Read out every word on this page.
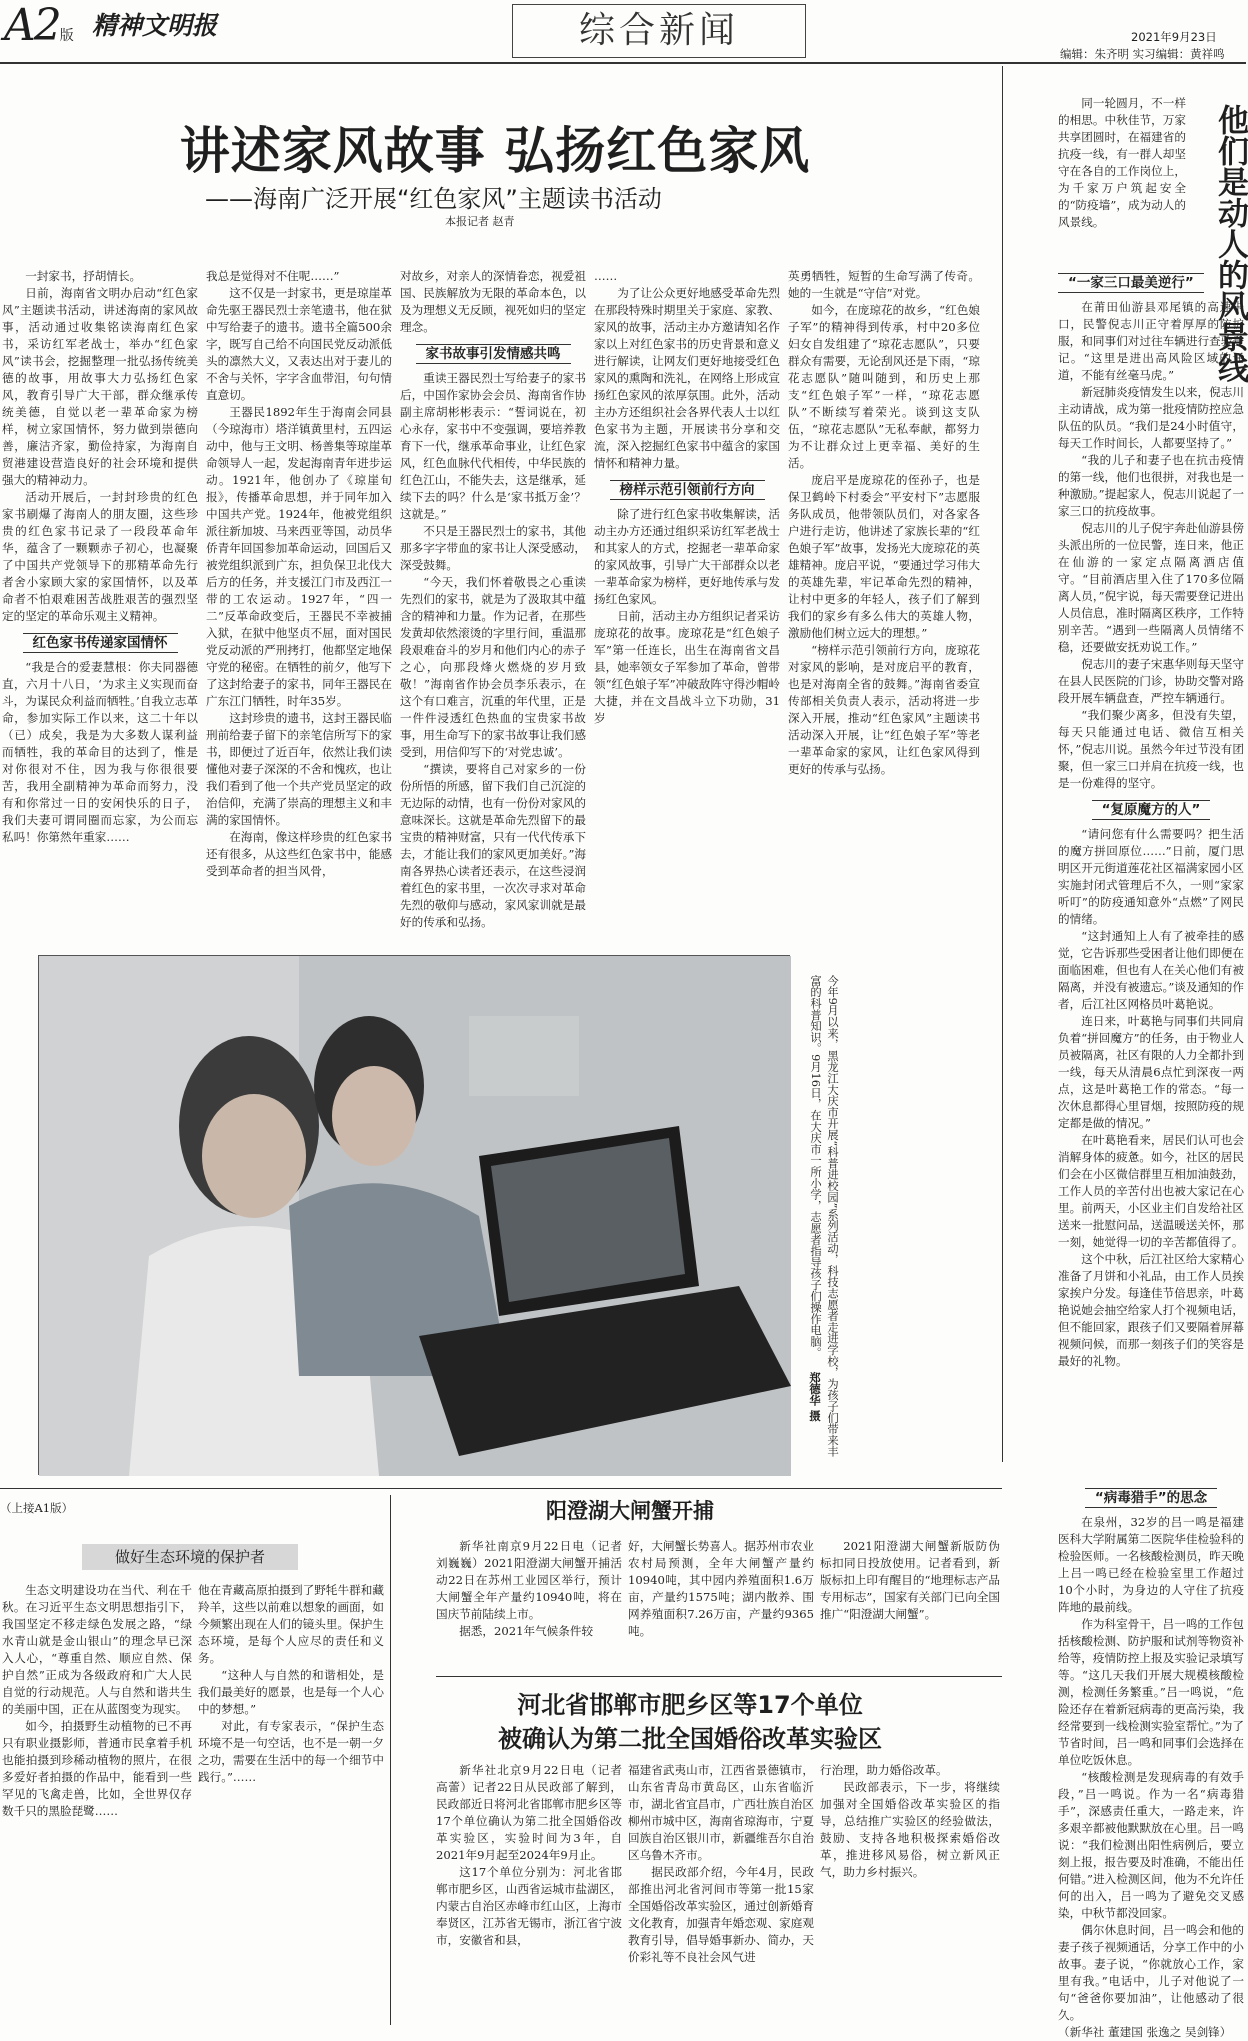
A2版 精神文明报	综合新闻	2021年9月23日
编辑：朱齐明 实习编辑：黄祥鸣
讲述家风故事 弘扬红色家风
——海南广泛开展“红色家风”主题读书活动
本报记者 赵青

一封家书，抒胡情长。

日前，海南省文明办启动“红色家风”主题读书活动，讲述海南的家风故事，活动通过收集铭读海南红色家书，采访红军老战士，举办“红色家风”读书会，挖掘整理一批弘扬传统美德的故事，用故事大力弘扬红色家风，教育引导广大干部，群众继承传统美德，自觉以老一辈革命家为榜样，树立家国情怀，努力做到崇德向善，廉洁齐家，勤俭持家，为海南自贸港建设营造良好的社会环境和提供强大的精神动力。

活动开展后，一封封珍贵的红色家书刷爆了海南人的朋友圈，这些珍贵的红色家书记录了一段段革命年华，蕴含了一颗颗赤子初心，也凝聚了中国共产党领导下的那精革命先行者舍小家顾大家的家国情怀，以及革命者不怕艰难困苦战胜艰苦的强烈坚定的坚定的革命乐观主义精神。

红色家书传递家国情怀

“我是合的爱妻慧根：你夫同器德直，六月十八日，‘为求主义实现而奋斗，为谋民众利益而牺牲。’自我立志革命，参加实际工作以来，这二十年以（已）成矣，我是为大多数人谋利益而牺牲，我的革命目的达到了，惟是对你很对不住，因为我与你很很要苦，我用全副精神为革命而努力，没有和你常过一日的安闲快乐的日子，我们夫妻可谓同圈而忘家，为公而忘私吗！你第然年重家……

我总是觉得对不住呢……”

这不仅是一封家书，更是琼崖革命先驱王器民烈士亲笔遗书，他在狱中写给妻子的遗书。遗书全篇500余字，既写自己给不向国民党反动派低头的凛然大义，又表达出对于妻儿的不舍与关怀，字字含血带泪，句句情直意切。

王器民1892年生于海南会同县（今琼海市）塔洋镇黄里村，五四运动中，他与王文明、杨善集等琼崖革命领导人一起，发起海南青年进步运动。1921年，他创办了《琼崖旬报》，传播革命思想，并于同年加入中国共产党。1924年，他被党组织派往新加坡、马来西亚等国，动员华侨青年回国参加革命运动，回国后又被党组织派到广东，担负保卫北伐大后方的任务，并支援江门市及西江一带的工农运动。1927年，“四一二”反革命政变后，王器民不幸被捕入狱，在狱中他坚贞不屈，面对国民党反动派的严刑拷打，他都坚定地保守党的秘密。在牺牲的前夕，他写下了这封给妻子的家书，同年王器民在广东江门牺牲，时年35岁。

这封珍贵的遗书，这封王器民临刑前给妻子留下的亲笔信所写下的家书，即便过了近百年，依然让我们读懂他对妻子深深的不舍和愧疚，也让我们看到了他一个共产党员坚定的政治信仰，充满了崇高的理想主义和丰满的家国情怀。

在海南，像这样珍贵的红色家书还有很多，从这些红色家书中，能感受到革命者的担当风骨，

对故乡，对亲人的深情眷恋，视爱祖国、民族解放为无限的革命本色，以及为理想义无反顾，视死如归的坚定理念。

家书故事引发情感共鸣

重读王器民烈士写给妻子的家书后，中国作家协会会员、海南省作协副主席胡彬彬表示：“誓词说在，初心永存，家书中不变强调，要培养教育下一代，继承革命事业，让红色家风，红色血脉代代相传，中华民族的红色江山，不能失去，这是继承，延续下去的吗？什么是‘家书抵万金’？这就是。”

不只是王器民烈士的家书，其他那多字字带血的家书让人深受感动，深受鼓舞。

“今天，我们怀着敬畏之心重读先烈们的家书，就是为了汲取其中蕴含的精神和力量。作为记者，在那些发黄却依然滚烫的字里行间，重温那段艰难奋斗的岁月和他们内心的赤子之心，向那段烽火燃烧的岁月致敬！”海南省作协会员李乐表示，在这个有口难言，沉重的年代里，正是一件件浸透红色热血的宝贵家书故事，用生命写下的家书故事让我们感受到，用信仰写下的‘对党忠诚’。

“撰读，要将自己对家乡的一份份所悟的所感，留下我们自己沉淀的无边际的动情，也有一份份对家风的意味深长。这就是革命先烈留下的最宝贵的精神财富，只有一代代传承下去，才能让我们的家风更加美好。”海南各界热心读者还表示，在这些浸润着红色的家书里，一次次寻求对革命先烈的敬仰与感动，家风家训就是最好的传承和弘扬。

……

为了让公众更好地感受革命先烈在那段特殊时期里关于家庭、家教、家风的故事，活动主办方邀请知名作家以上对红色家书的历史背景和意义进行解读，让网友们更好地接受红色家风的熏陶和洗礼，在网络上形成宣扬红色家风的浓厚氛围。此外，活动主办方还组织社会各界代表人士以红色家书为主题，开展读书分享和交流，深入挖掘红色家书中蕴含的家国情怀和精神力量。

榜样示范引领前行方向

除了进行红色家书收集解读，活动主办方还通过组织采访红军老战士和其家人的方式，挖掘老一辈革命家的家风故事，引导广大干部群众以老一辈革命家为榜样，更好地传承与发扬红色家风。

日前，活动主办方组织记者采访庞琼花的故事。庞琼花是“红色娘子军”第一任连长，出生在海南省文昌县，她率领女子军参加了革命，曾带领“红色娘子军”冲破敌阵守得沙帽岭大捷，并在文昌战斗立下功勋，31岁

英勇牺牲，短暂的生命写满了传奇。她的一生就是“守信”对党。

如今，在庞琼花的故乡，“红色娘子军”的精神得到传承，村中20多位妇女自发组建了“琼花志愿队”，只要群众有需要，无论刮风还是下雨，“琼花志愿队”随叫随到，和历史上那支“红色娘子军”一样，“琼花志愿队”不断续写着荣光。谈到这支队伍，“琼花志愿队”无私奉献，都努力为不让群众过上更幸福、美好的生活。

庞启平是庞琼花的侄孙子，也是保卫鹤岭下村委会”平安村下”志愿服务队成员，他带领队员们，对各家各户进行走访，他讲述了家族长辈的“红色娘子军”故事，发扬光大庞琼花的英雄精神。庞启平说，“要通过学习伟大的英雄先辈，牢记革命先烈的精神，让村中更多的年轻人，孩子们了解到我们的家乡有多么伟大的英雄人物，激励他们树立远大的理想。”

“榜样示范引领前行方向，庞琼花对家风的影响，是对庞启平的教育，也是对海南全省的鼓舞。”海南省委宣传部相关负责人表示，活动将进一步深入开展，推动“红色家风”主题读书活动深入开展，让“红色娘子军”等老一辈革命家的家风，让红色家风得到更好的传承与弘扬。

他们是动人的风景线

同一轮圆月，不一样的相思。中秋佳节，万家共享团圆时，在福建省的抗疫一线，有一群人却坚守在各自的工作岗位上，为千家万户筑起安全的“防疫墙”，成为动人的风景线。

“一家三口最美逆行”

在莆田仙游县邓尾镇的高速卡口，民警倪志川正守着厚厚的防护服，和同事们对过往车辆进行查验登记。“这里是进出高风险区域的通道，不能有丝毫马虎。”

新冠肺炎疫情发生以来，倪志川主动请战，成为第一批疫情防控应急队伍的队员。“我们是24小时值守，每天工作时间长，人都要坚持了。”

“我的儿子和妻子也在抗击疫情的第一线，他们也很拼，对我也是一种激励。”提起家人，倪志川说起了一家三口的抗疫故事。

倪志川的儿子倪宇奔赴仙游县傍头派出所的一位民警，连日来，他正在仙游的一家定点隔离酒店值守。“目前酒店里入住了170多位隔离人员，”倪宇说，每天需要登记进出人员信息，准时隔离区秩序，工作特别辛苦。“遇到一些隔离人员情绪不稳，还要做安抚劝说工作。”

倪志川的妻子宋惠华则每天坚守在县人民医院的门诊，协助交警对路段开展车辆盘查，严控车辆通行。

“我们聚少离多，但没有失望，每天只能通过电话、微信互相关怀，”倪志川说。虽然今年过节没有团聚，但一家三口并肩在抗疫一线，也是一份难得的坚守。

“复原魔方的人”

“请问您有什么需要吗？把生活的魔方拼回原位……”日前，厦门思明区开元街道莲花社区福满家园小区实施封闭式管理后不久，一则“家家听叮”的防疫通知意外“点燃”了网民的情绪。

“这封通知上人有了被牵挂的感觉，它告诉那些受困者让他们即便在面临困难，但也有人在关心他们有被隔离，并没有被遗忘。”谈及通知的作者，后江社区网格员叶葛艳说。

连日来，叶葛艳与同事们共同肩负着“拼回魔方”的任务，由于物业人员被隔离，社区有限的人力全都扑到一线，每天从清晨6点忙到深夜一两点，这是叶葛艳工作的常态。“每一次休息都得心里冒烟，按照防疫的规定都是做的情况。”

在叶葛艳看来，居民们认可也会消解身体的疲惫。如今，社区的居民们会在小区微信群里互相加油鼓劲，工作人员的辛苦付出也被大家记在心里。前两天，小区业主们自发给社区送来一批慰问品，送温暖送关怀，那一刻，她觉得一切的辛苦都值得了。

这个中秋，后江社区给大家精心准备了月饼和小礼品，由工作人员挨家挨户分发。每逢佳节倍思亲，叶葛艳说她会抽空给家人打个视频电话，但不能回家，跟孩子们又要隔着屏幕视频问候，而那一刻孩子们的笑容是最好的礼物。

“病毒猎手”的思念

在泉州，32岁的吕一鸣是福建医科大学附属第二医院华佳检验科的检验医师。一名核酸检测员，昨天晚上吕一鸣已经在检验室里工作超过10个小时，为身边的人守住了抗疫阵地的最前线。

作为科室骨干，吕一鸣的工作包括核酸检测、防护服和试剂等物资补给等，疫情防控上报及实验记录填写等。“这几天我们开展大规模核酸检测，检测任务繁重。”吕一鸣说，“危险还存在着新冠病毒的更高污染，我经常要到一线检测实验室帮忙。”为了节省时间，吕一鸣和同事们会选择在单位吃饭休息。

“核酸检测是发现病毒的有效手段，”吕一鸣说。作为一名“病毒猎手”，深感责任重大，一路走来，许多艰辛都被他默默放在心里。吕一鸣说：“我们检测出阳性病例后，要立刻上报，报告要及时准确，不能出任何错。”进入检测区间，他为不允许任何的出入，吕一鸣为了避免交叉感染，中秋节都没回家。

偶尔休息时间，吕一鸣会和他的妻子孩子视频通话，分享工作中的小故事。妻子说，“你就放心工作，家里有我。”电话中，儿子对他说了一句“爸爸你要加油”，让他感动了很久。

（新华社 董建国 张逸之 吴剑锋）

今年9月以来，黑龙江大庆市开展“科普进校园”系列活动，科技志愿者走进学校，为孩子们带来丰富的科普知识。9月16日，在大庆市一所小学，志愿者指导孩子们操作电脑。郑德华 摄
（上接A1版）
做好生态环境的保护者

生态文明建设功在当代、利在千秋。在习近平生态文明思想指引下，我国坚定不移走绿色发展之路，“绿水青山就是金山银山”的理念早已深入人心，“尊重自然、顺应自然、保护自然”正成为各级政府和广大人民自觉的行动规范。人与自然和谐共生的美丽中国，正在从蓝图变为现实。

如今，拍摄野生动植物的已不再只有职业摄影师，普通市民拿着手机也能拍摄到珍稀动植物的照片，在很多爱好者拍摄的作品中，能看到一些罕见的飞禽走兽，比如，全世界仅存数千只的黑脸琵鹭……

他在青藏高原拍摄到了野牦牛群和藏羚羊，这些以前难以想象的画面，如今频繁出现在人们的镜头里。保护生态环境，是每个人应尽的责任和义务。

“这种人与自然的和谐相处，是我们最美好的愿景，也是每一个人心中的梦想。”

对此，有专家表示，“保护生态环境不是一句空话，也不是一朝一夕之功，需要在生活中的每一个细节中践行。”……

阳澄湖大闸蟹开捕

新华社南京9月22日电（记者 刘巍巍）2021阳澄湖大闸蟹开捕活动22日在苏州工业园区举行，预计大闸蟹全年产量约10940吨，将在国庆节前陆续上市。

据悉，2021年气候条件较

好，大闸蟹长势喜人。据苏州市农业农村局预测，全年大闸蟹产量约10940吨，其中园内养殖面积1.6万亩，产量约1575吨；湖内散养、围网养殖面积7.26万亩，产量约9365吨。

2021阳澄湖大闸蟹新版防伪标扣同日投放使用。记者看到，新版标扣上印有醒目的“地理标志产品专用标志”，国家有关部门已向全国推广“阳澄湖大闸蟹”。

河北省邯郸市肥乡区等17个单位
被确认为第二批全国婚俗改革实验区

新华社北京9月22日电（记者 高蕾）记者22日从民政部了解到，民政部近日将河北省邯郸市肥乡区等17个单位确认为第二批全国婚俗改革实验区，实验时间为3年，自2021年9月起至2024年9月止。

这17个单位分别为：河北省邯郸市肥乡区，山西省运城市盐湖区，内蒙古自治区赤峰市红山区，上海市奉贤区，江苏省无锡市，浙江省宁波市，安徽省和县，

福建省武夷山市，江西省景德镇市，山东省青岛市黄岛区，山东省临沂市，湖北省宜昌市，广西壮族自治区柳州市城中区，海南省琼海市，宁夏回族自治区银川市，新疆维吾尔自治区乌鲁木齐市。

据民政部介绍，今年4月，民政部推出河北省河间市等第一批15家全国婚俗改革实验区，通过创新婚育文化教育，加强青年婚恋观、家庭观教育引导，倡导婚事新办、简办，天价彩礼等不良社会风气进

行治理，助力婚俗改革。

民政部表示，下一步，将继续加强对全国婚俗改革实验区的指导，总结推广实验区的经验做法，鼓励、支持各地积极探索婚俗改革，推进移风易俗，树立新风正气，助力乡村振兴。
